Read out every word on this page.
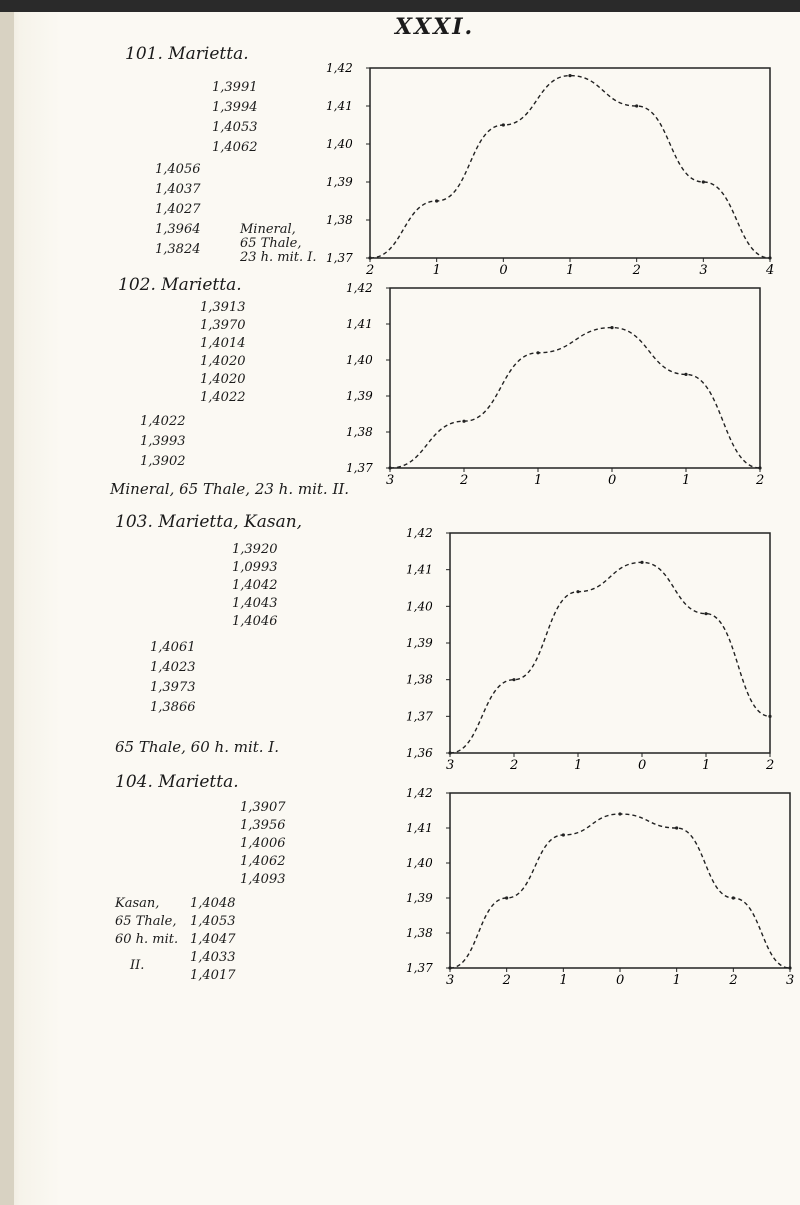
XXXI.
101. Marietta.
1,3991
1,3994
1,4053
1,4062
1,4056
1,4037
1,4027
1,3964
1,3824
Mineral,
65 Thale,
23 h. mit. I.
1,42
1,41
1,40
1,39
1,38
1,37
2	1	0	1	2	3	4
102. Marietta.
1,3913
1,3970
1,4014
1,4020
1,4020
1,4022
1,4022
1,3993
1,3902
Mineral, 65 Thale, 23 h. mit. II.
1,42
1,41
1,40
1,39
1,38
1,37
3	2	1	0	1	2
103. Marietta, Kasan,
1,3920
1,0993
1,4042
1,4043
1,4046
1,4061
1,4023
1,3973
1,3866
65 Thale, 60 h. mit. I.
1,42
1,41
1,40
1,39
1,38
1,37
1,36
3	2	1	0	1	2
104. Marietta.
1,3907
1,3956
1,4006
1,4062
1,4093
1,4048
1,4053
1,4047
1,4033
1,4017
Kasan,
65 Thale,
60 h. mit.
II.
1,42
1,41
1,40
1,39
1,38
1,37
3	2	1	0	1	2	3
